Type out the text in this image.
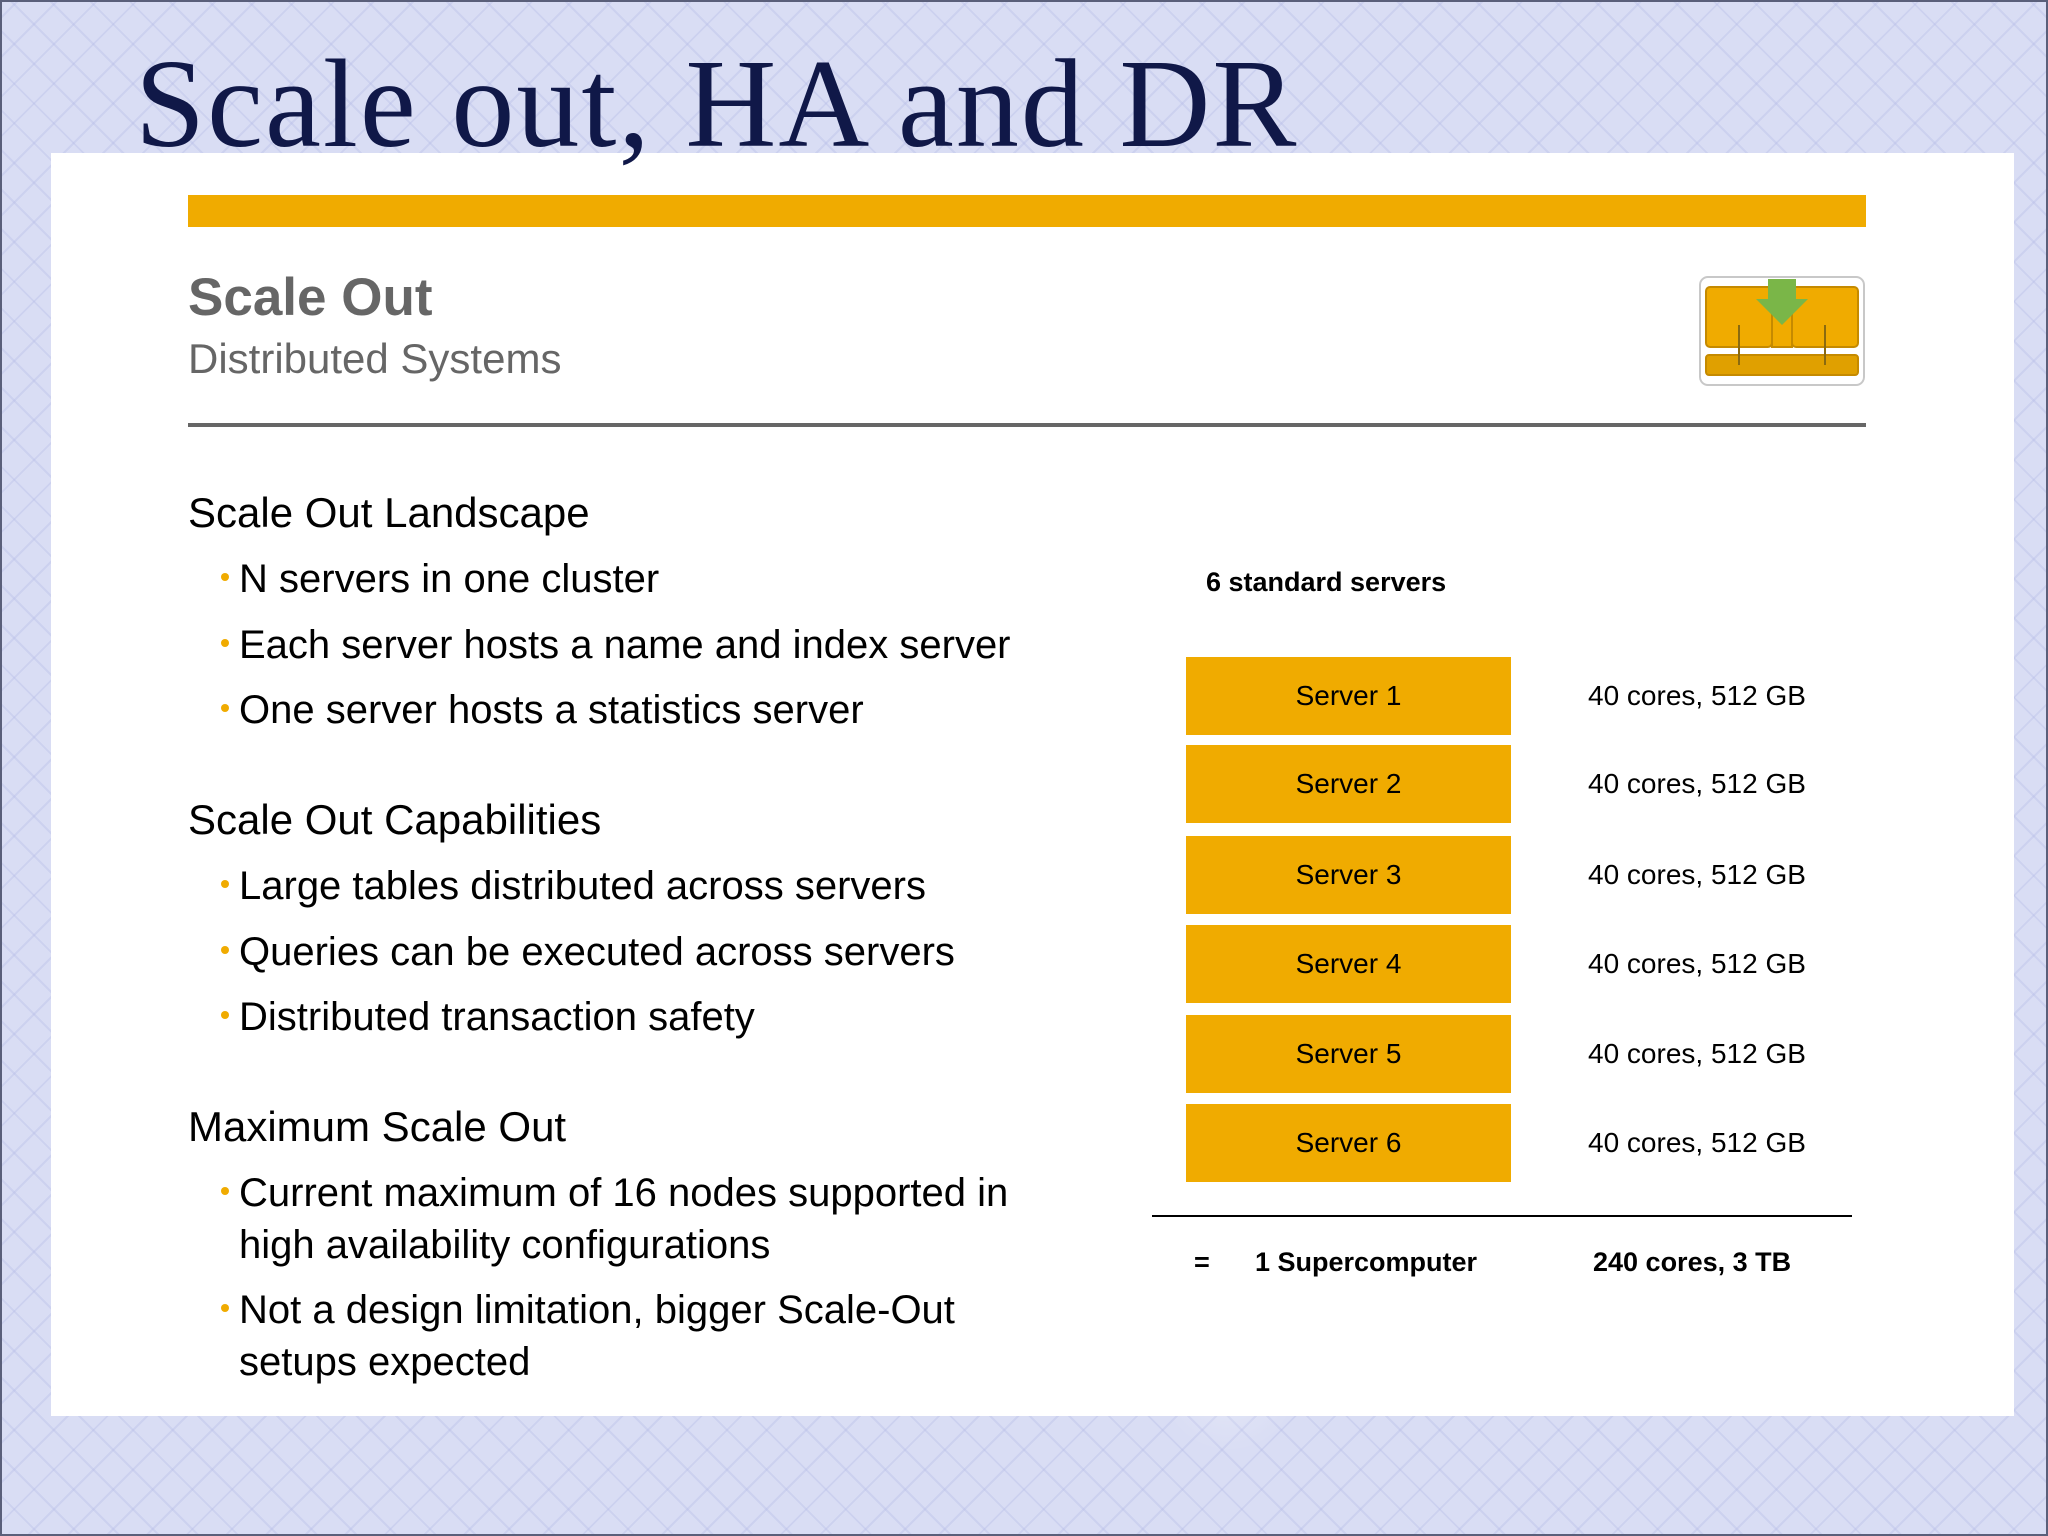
Scale out, HA and DR
Scale Out
Distributed Systems
Scale Out Landscape
N servers in one cluster
Each server hosts a name and index server
One server hosts a statistics server
Scale Out Capabilities
Large tables distributed across servers
Queries can be executed across servers
Distributed transaction safety
Maximum Scale Out
Current maximum of 16 nodes supported in high availability configurations
Not a design limitation, bigger Scale-Out setups expected
6 standard servers
Server 1	40 cores, 512 GB
Server 2	40 cores, 512 GB
Server 3	40 cores, 512 GB
Server 4	40 cores, 512 GB
Server 5	40 cores, 512 GB
Server 6	40 cores, 512 GB
= 1 Supercomputer	240 cores, 3 TB
